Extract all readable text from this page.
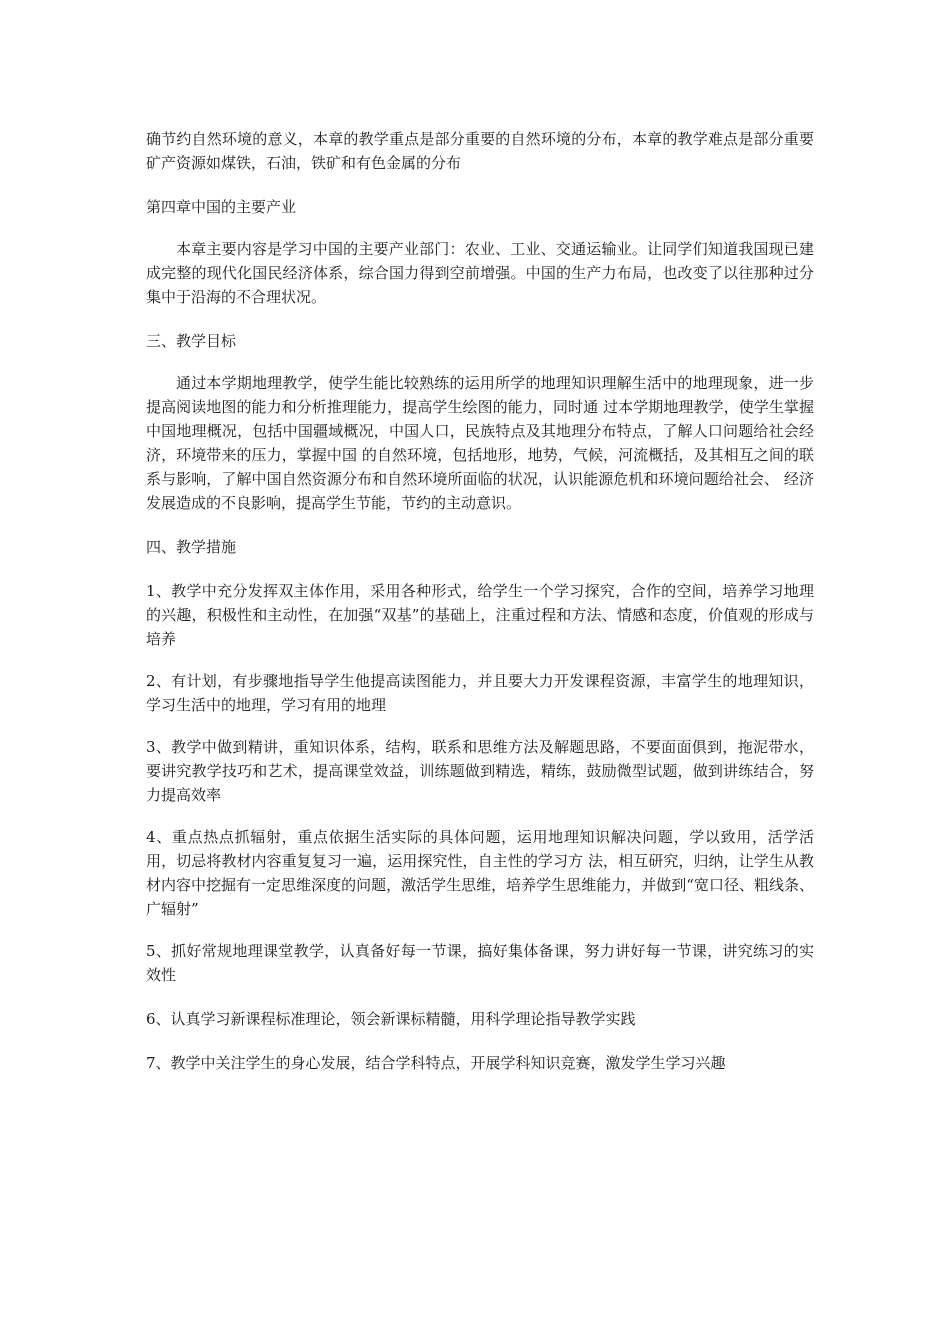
确节约自然环境的意义，本章的教学重点是部分重要的自然环境的分布，本章的教学难点是部分重要矿产资源如煤铁，石油，铁矿和有色金属的分布

第四章中国的主要产业

本章主要内容是学习中国的主要产业部门：农业、工业、交通运输业。让同学们知道我国现已建成完整的现代化国民经济体系，综合国力得到空前增强。中国的生产力布局，也改变了以往那种过分集中于沿海的不合理状况。

三、教学目标

通过本学期地理教学，使学生能比较熟练的运用所学的地理知识理解生活中的地理现象，进一步提高阅读地图的能力和分析推理能力，提高学生绘图的能力，同时通 过本学期地理教学，使学生掌握中国地理概况，包括中国疆域概况，中国人口，民族特点及其地理分布特点，了解人口问题给社会经济，环境带来的压力，掌握中国 的自然环境，包括地形，地势，气候，河流概括，及其相互之间的联系与影响，了解中国自然资源分布和自然环境所面临的状况，认识能源危机和环境问题给社会、 经济发展造成的不良影响，提高学生节能，节约的主动意识。

四、教学措施

1、教学中充分发挥双主体作用，采用各种形式，给学生一个学习探究，合作的空间，培养学习地理的兴趣，积极性和主动性，在加强“双基”的基础上，注重过程和方法、情感和态度，价值观的形成与培养

2、有计划，有步骤地指导学生他提高读图能力，并且要大力开发课程资源，丰富学生的地理知识，学习生活中的地理，学习有用的地理

3、教学中做到精讲，重知识体系，结构，联系和思维方法及解题思路，不要面面俱到，拖泥带水，要讲究教学技巧和艺术，提高课堂效益，训练题做到精选，精练，鼓励微型试题，做到讲练结合，努力提高效率

4、重点热点抓辐射，重点依据生活实际的具体问题，运用地理知识解决问题，学以致用，活学活用，切忌将教材内容重复复习一遍，运用探究性，自主性的学习方 法，相互研究，归纳，让学生从教材内容中挖掘有一定思维深度的问题，激活学生思维，培养学生思维能力，并做到“宽口径、粗线条、广辐射”

5、抓好常规地理课堂教学，认真备好每一节课，搞好集体备课，努力讲好每一节课，讲究练习的实效性

6、认真学习新课程标准理论，领会新课标精髓，用科学理论指导教学实践

7、教学中关注学生的身心发展，结合学科特点，开展学科知识竞赛，激发学生学习兴趣
